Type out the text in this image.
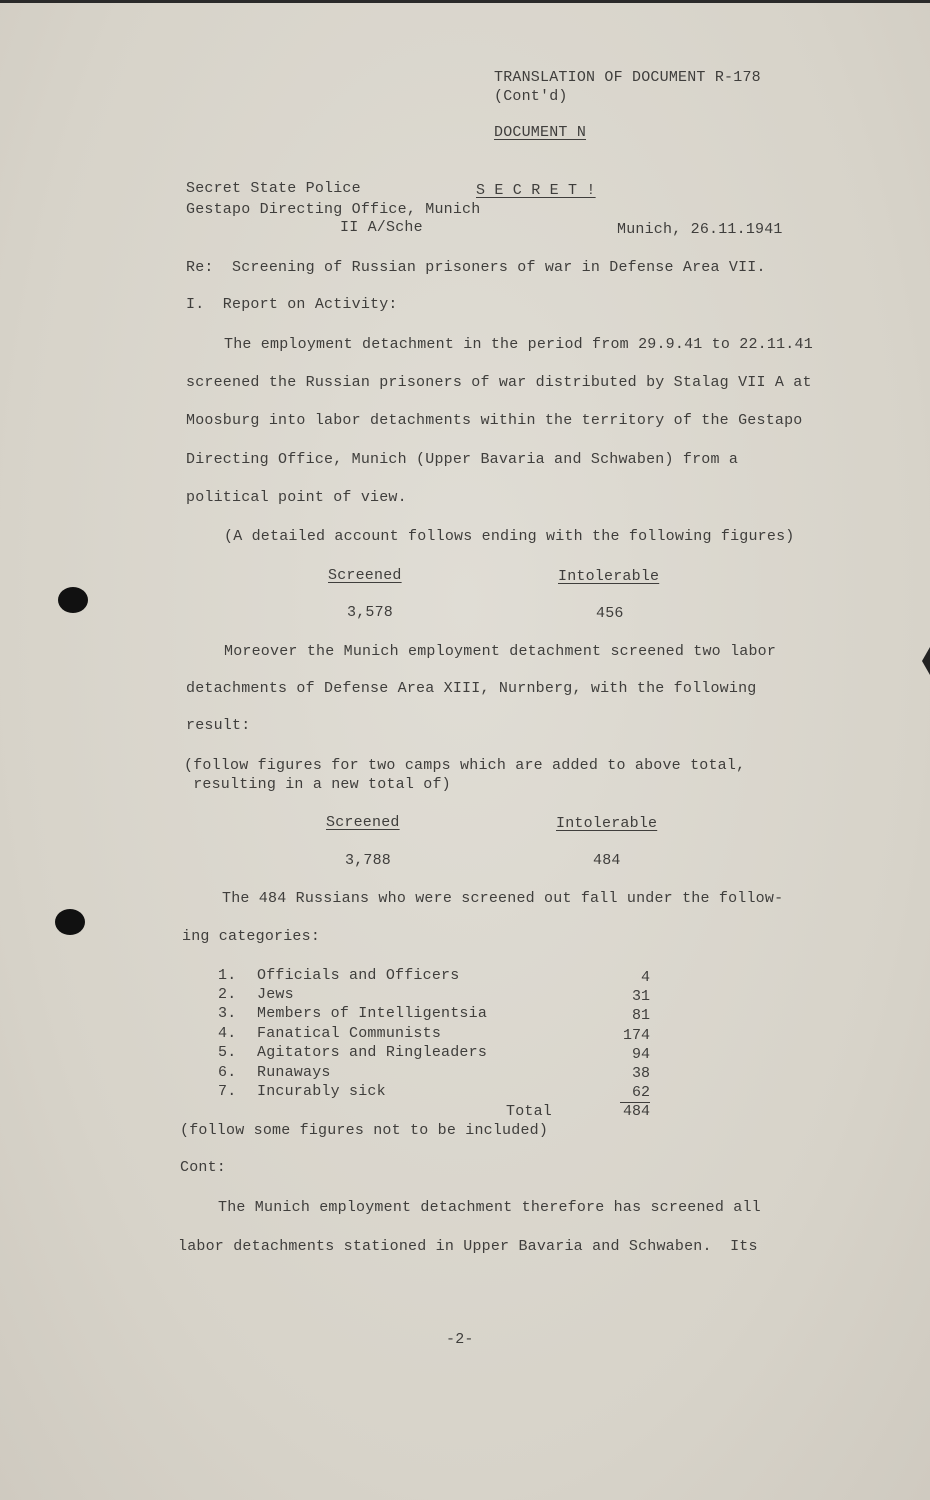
TRANSLATION OF DOCUMENT R-178
(Cont'd)
DOCUMENT N
Secret State Police	S E C R E T !
Gestapo Directing Office, Munich
II A/Sche	Munich, 26.11.1941
Re:  Screening of Russian prisoners of war in Defense Area VII.
I.  Report on Activity:
The employment detachment in the period from 29.9.41 to 22.11.41
screened the Russian prisoners of war distributed by Stalag VII A at
Moosburg into labor detachments within the territory of the Gestapo
Directing Office, Munich (Upper Bavaria and Schwaben) from a
political point of view.
(A detailed account follows ending with the following figures)
Screened	Intolerable
3,578	456
Moreover the Munich employment detachment screened two labor
detachments of Defense Area XIII, Nurnberg, with the following
result:
(follow figures for two camps which are added to above total,
resulting in a new total of)
Screened	Intolerable
3,788	484
The 484 Russians who were screened out fall under the follow-
ing categories:
1. Officials and Officers	4
2. Jews	31
3. Members of Intelligentsia	81
4. Fanatical Communists	174
5. Agitators and Ringleaders	94
6. Runaways	38
7. Incurably sick	62
Total	484
(follow some figures not to be included)
Cont:
The Munich employment detachment therefore has screened all
labor detachments stationed in Upper Bavaria and Schwaben.  Its
-2-
